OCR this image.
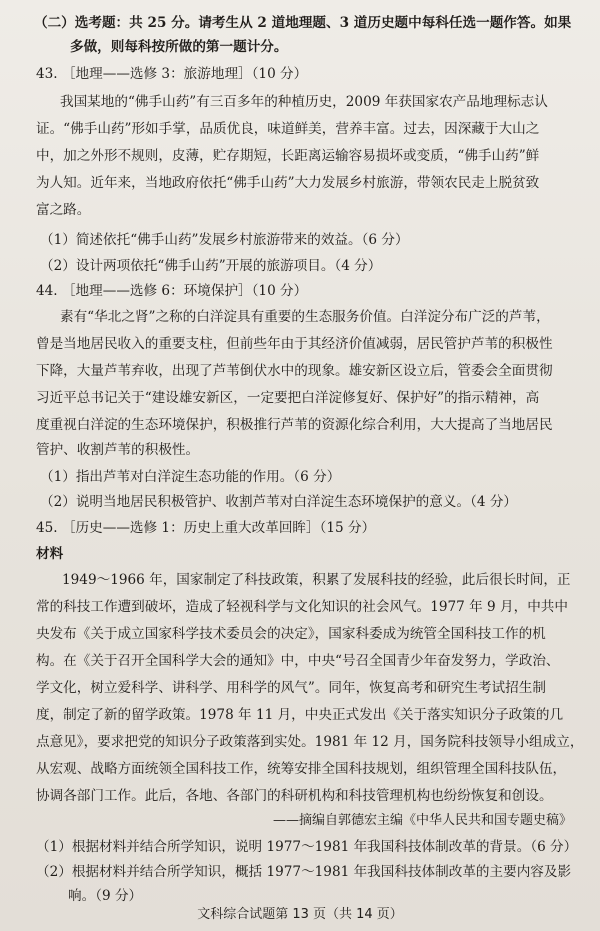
（二）选考题：共 25 分。请考生从 2 道地理题、3 道历史题中每科任选一题作答。如果
多做，则每科按所做的第一题计分。
43. ［地理——选修 3：旅游地理］（10 分）
我国某地的“佛手山药”有三百多年的种植历史，2009 年获国家农产品地理标志认
证。“佛手山药”形如手掌，品质优良，味道鲜美，营养丰富。过去，因深藏于大山之
中，加之外形不规则，皮薄，贮存期短，长距离运输容易损坏或变质，“佛手山药”鲜
为人知。近年来，当地政府依托“佛手山药”大力发展乡村旅游，带领农民走上脱贫致
富之路。
（1）简述依托“佛手山药”发展乡村旅游带来的效益。（6 分）
（2）设计两项依托“佛手山药”开展的旅游项目。（4 分）
44. ［地理——选修 6：环境保护］（10 分）
素有“华北之肾”之称的白洋淀具有重要的生态服务价值。白洋淀分布广泛的芦苇，
曾是当地居民收入的重要支柱，但前些年由于其经济价值减弱，居民管护芦苇的积极性
下降，大量芦苇弃收，出现了芦苇倒伏水中的现象。雄安新区设立后，管委会全面贯彻
习近平总书记关于“建设雄安新区，一定要把白洋淀修复好、保护好”的指示精神，高
度重视白洋淀的生态环境保护，积极推行芦苇的资源化综合利用，大大提高了当地居民
管护、收割芦苇的积极性。
（1）指出芦苇对白洋淀生态功能的作用。（6 分）
（2）说明当地居民积极管护、收割芦苇对白洋淀生态环境保护的意义。（4 分）
45. ［历史——选修 1：历史上重大改革回眸］（15 分）
材料
1949～1966 年，国家制定了科技政策，积累了发展科技的经验，此后很长时间，正
常的科技工作遭到破坏，造成了轻视科学与文化知识的社会风气。1977 年 9 月，中共中
央发布《关于成立国家科学技术委员会的决定》，国家科委成为统管全国科技工作的机
构。在《关于召开全国科学大会的通知》中，中央“号召全国青少年奋发努力，学政治、
学文化，树立爱科学、讲科学、用科学的风气”。同年，恢复高考和研究生考试招生制
度，制定了新的留学政策。1978 年 11 月，中央正式发出《关于落实知识分子政策的几
点意见》，要求把党的知识分子政策落到实处。1981 年 12 月，国务院科技领导小组成立，
从宏观、战略方面统领全国科技工作，统筹安排全国科技规划，组织管理全国科技队伍，
协调各部门工作。此后，各地、各部门的科研机构和科技管理机构也纷纷恢复和创设。
——摘编自郭德宏主编《中华人民共和国专题史稿》
（1）根据材料并结合所学知识，说明 1977～1981 年我国科技体制改革的背景。（6 分）
（2）根据材料并结合所学知识，概括 1977～1981 年我国科技体制改革的主要内容及影
响。（9 分）
文科综合试题第 13 页（共 14 页）
